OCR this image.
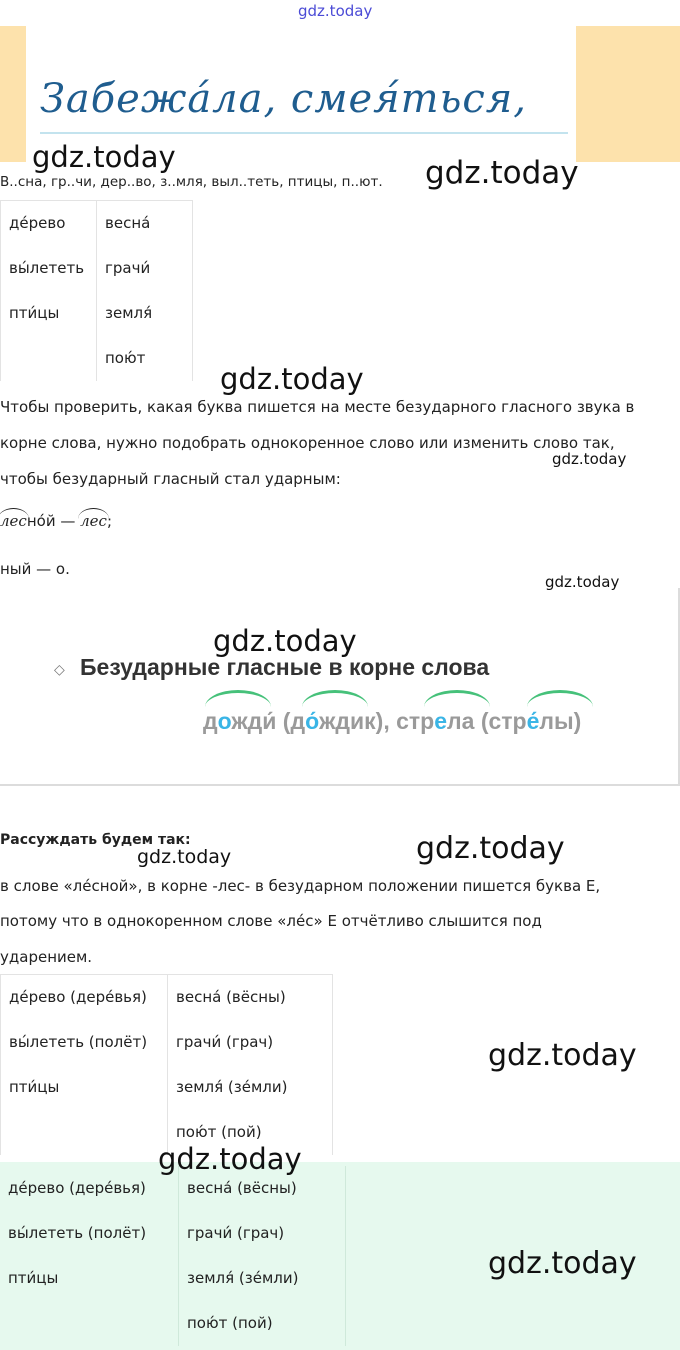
gdz.today
Забежа́ла, смея́ться,
gdz.today	gdz.today
В..сна, гр..чи, дер..во, з..мля, выл..теть, птицы, п..ют.
де́рево	весна́
вы́лететь	грачи́
пти́цы	земля́
	пою́т
gdz.today
Чтобы проверить, какая буква пишется на месте безударного гласного звука в
корне слова, нужно подобрать однокоренное слово или изменить слово так,
чтобы безударный гласный стал ударным:
gdz.today
лесно́й — лес;
ный — о.
gdz.today
gdz.today
◇ Безударные гласные в корне слова
дожди́ (до́ждик), стрела (стре́лы)
Рассуждать будем так:
gdz.today	gdz.today
в слове «ле́сной», в корне -лес- в безударном положении пишется буква Е,
потому что в однокоренном слове «ле́с» Е отчётливо слышится под
ударением.
де́рево (дере́вья)	весна́ (вёсны)
вы́лететь (полёт)	грачи́ (грач)
пти́цы	земля́ (зе́мли)
	пою́т (пой)
gdz.today
gdz.today
де́рево (дере́вья)	весна́ (вёсны)
вы́лететь (полёт)	грачи́ (грач)
пти́цы	земля́ (зе́мли)
	пою́т (пой)
gdz.today
